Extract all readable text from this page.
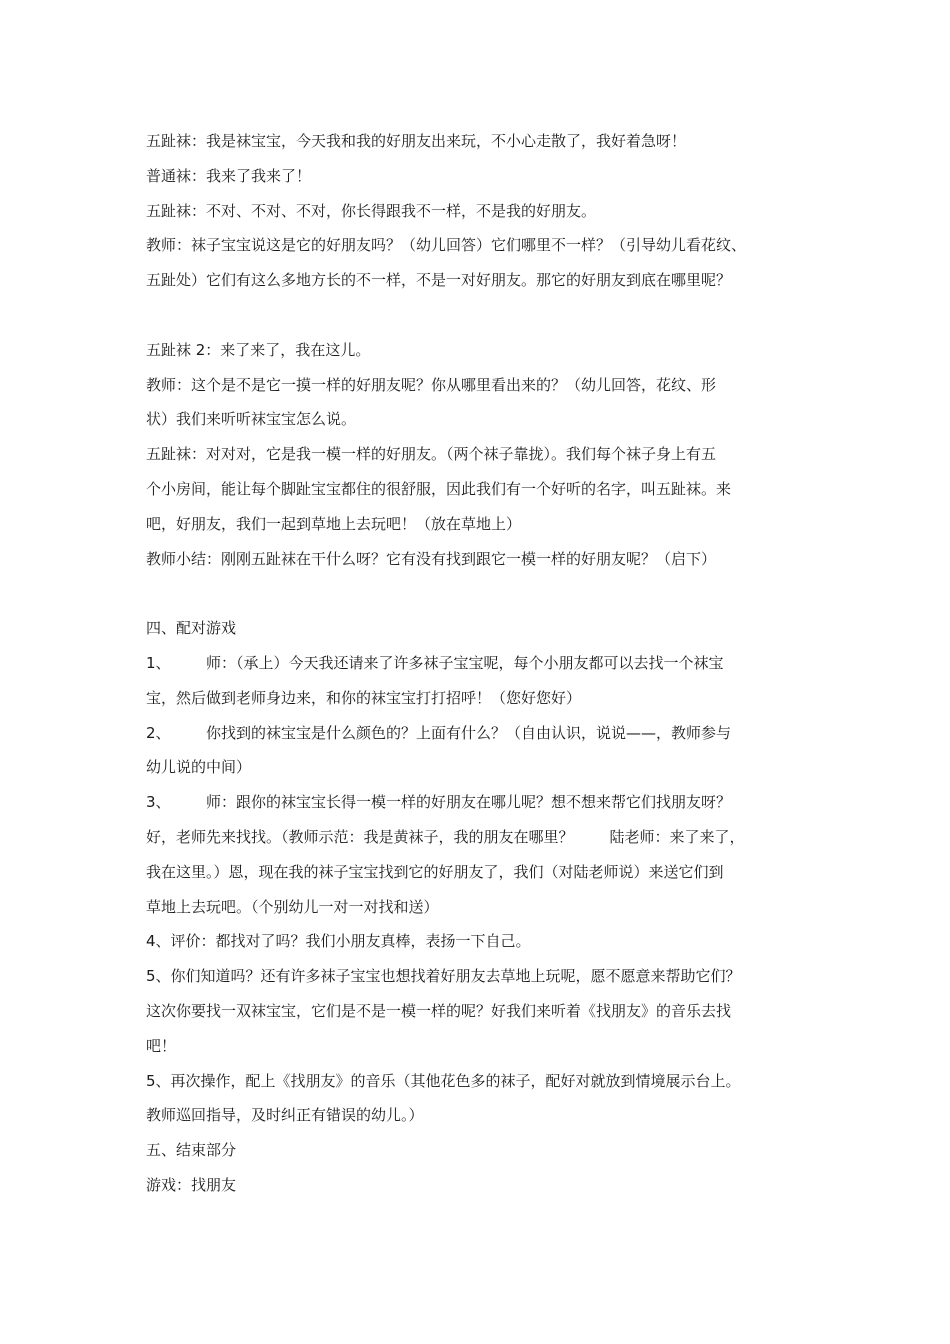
五趾袜：我是袜宝宝，今天我和我的好朋友出来玩，不小心走散了，我好着急呀！
普通袜：我来了我来了！
五趾袜：不对、不对、不对，你长得跟我不一样，不是我的好朋友。
教师：袜子宝宝说这是它的好朋友吗？（幼儿回答）它们哪里不一样？（引导幼儿看花纹、
五趾处）它们有这么多地方长的不一样，不是一对好朋友。那它的好朋友到底在哪里呢？
五趾袜 2：来了来了，我在这儿。
教师：这个是不是它一摸一样的好朋友呢？你从哪里看出来的？（幼儿回答，花纹、形
状）我们来听听袜宝宝怎么说。
五趾袜：对对对，它是我一模一样的好朋友。（两个袜子靠拢）。我们每个袜子身上有五
个小房间，能让每个脚趾宝宝都住的很舒服，因此我们有一个好听的名字，叫五趾袜。来
吧，好朋友，我们一起到草地上去玩吧！（放在草地上）
教师小结：刚刚五趾袜在干什么呀？它有没有找到跟它一模一样的好朋友呢？（启下）
四、配对游戏
1、 师：（承上）今天我还请来了许多袜子宝宝呢，每个小朋友都可以去找一个袜宝
宝，然后做到老师身边来，和你的袜宝宝打打招呼！（您好您好）
2、 你找到的袜宝宝是什么颜色的？上面有什么？（自由认识，说说——，教师参与
幼儿说的中间）
3、 师：跟你的袜宝宝长得一模一样的好朋友在哪儿呢？想不想来帮它们找朋友呀？
好，老师先来找找。（教师示范：我是黄袜子，我的朋友在哪里？ 陆老师：来了来了，
我在这里。）恩，现在我的袜子宝宝找到它的好朋友了，我们（对陆老师说）来送它们到
草地上去玩吧。（个别幼儿一对一对找和送）
4、评价：都找对了吗？我们小朋友真棒，表扬一下自己。
5、你们知道吗？还有许多袜子宝宝也想找着好朋友去草地上玩呢，愿不愿意来帮助它们？
这次你要找一双袜宝宝，它们是不是一模一样的呢？好我们来听着《找朋友》的音乐去找
吧！
5、再次操作，配上《找朋友》的音乐（其他花色多的袜子，配好对就放到情境展示台上。
教师巡回指导，及时纠正有错误的幼儿。）
五、结束部分
游戏：找朋友
